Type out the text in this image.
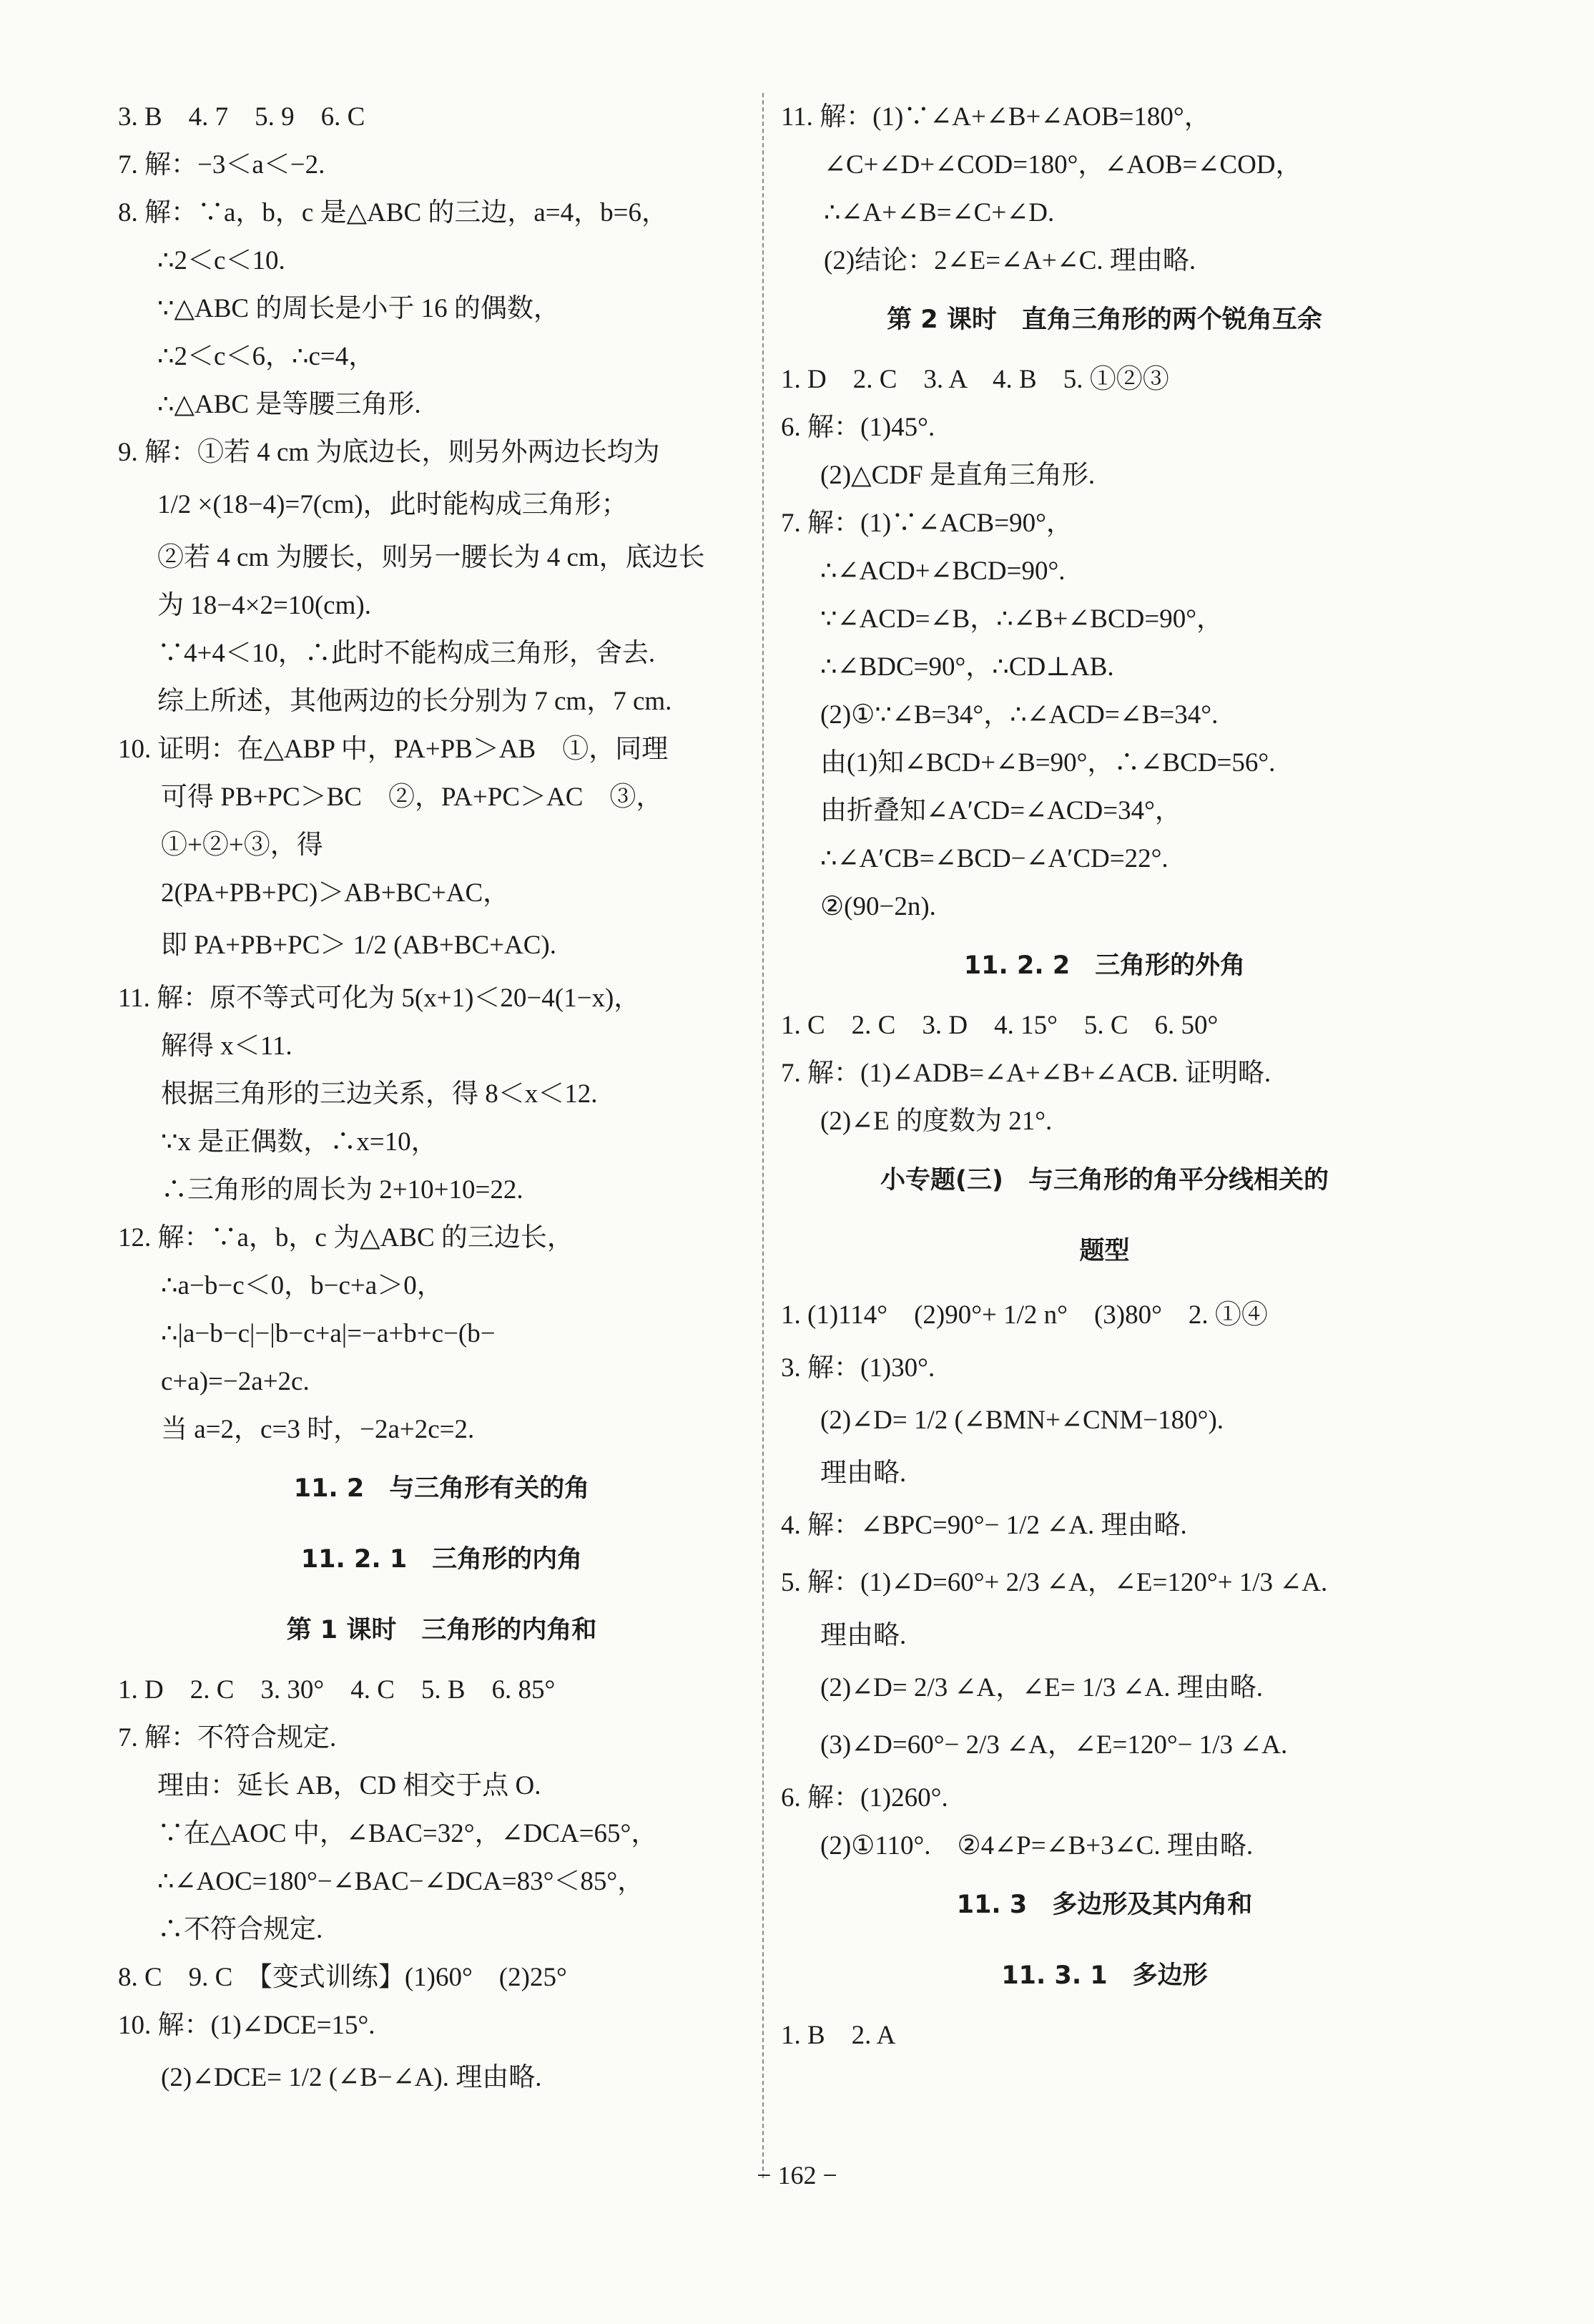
3. B　4. 7　5. 9　6. C
7. 解：−3＜a＜−2.
8. 解：∵a，b，c 是△ABC 的三边，a=4，b=6，
∴2＜c＜10.
∵△ABC 的周长是小于 16 的偶数，
∴2＜c＜6，∴c=4，
∴△ABC 是等腰三角形.
9. 解：①若 4 cm 为底边长，则另外两边长均为
1/2 ×(18−4)=7(cm)，此时能构成三角形；
②若 4 cm 为腰长，则另一腰长为 4 cm，底边长
为 18−4×2=10(cm).
∵4+4＜10，∴此时不能构成三角形，舍去.
综上所述，其他两边的长分别为 7 cm，7 cm.
10. 证明：在△ABP 中，PA+PB＞AB　①，同理
可得 PB+PC＞BC　②，PA+PC＞AC　③，
①+②+③，得
2(PA+PB+PC)＞AB+BC+AC，
即 PA+PB+PC＞ 1/2 (AB+BC+AC).
11. 解：原不等式可化为 5(x+1)＜20−4(1−x)，
解得 x＜11.
根据三角形的三边关系，得 8＜x＜12.
∵x 是正偶数，∴x=10，
∴三角形的周长为 2+10+10=22.
12. 解：∵a，b，c 为△ABC 的三边长，
∴a−b−c＜0，b−c+a＞0，
∴|a−b−c|−|b−c+a|=−a+b+c−(b−
c+a)=−2a+2c.
当 a=2，c=3 时，−2a+2c=2.
11. 2　与三角形有关的角
11. 2. 1　三角形的内角
第 1 课时　三角形的内角和
1. D　2. C　3. 30°　4. C　5. B　6. 85°
7. 解：不符合规定.
理由：延长 AB，CD 相交于点 O.
∵在△AOC 中，∠BAC=32°，∠DCA=65°，
∴∠AOC=180°−∠BAC−∠DCA=83°＜85°，
∴不符合规定.
8. C　9. C　【变式训练】(1)60°　(2)25°
10. 解：(1)∠DCE=15°.
(2)∠DCE= 1/2 (∠B−∠A). 理由略.
11. 解：(1)∵∠A+∠B+∠AOB=180°，
∠C+∠D+∠COD=180°，∠AOB=∠COD，
∴∠A+∠B=∠C+∠D.
(2)结论：2∠E=∠A+∠C. 理由略.
第 2 课时　直角三角形的两个锐角互余
1. D　2. C　3. A　4. B　5. ①②③
6. 解：(1)45°.
(2)△CDF 是直角三角形.
7. 解：(1)∵∠ACB=90°，
∴∠ACD+∠BCD=90°.
∵∠ACD=∠B，∴∠B+∠BCD=90°，
∴∠BDC=90°，∴CD⊥AB.
(2)①∵∠B=34°，∴∠ACD=∠B=34°.
由(1)知∠BCD+∠B=90°，∴∠BCD=56°.
由折叠知∠A′CD=∠ACD=34°，
∴∠A′CB=∠BCD−∠A′CD=22°.
②(90−2n).
11. 2. 2　三角形的外角
1. C　2. C　3. D　4. 15°　5. C　6. 50°
7. 解：(1)∠ADB=∠A+∠B+∠ACB. 证明略.
(2)∠E 的度数为 21°.
小专题(三)　与三角形的角平分线相关的
题型
1. (1)114°　(2)90°+ 1/2 n°　(3)80°　2. ①④
3. 解：(1)30°.
(2)∠D= 1/2 (∠BMN+∠CNM−180°).
理由略.
4. 解：∠BPC=90°− 1/2 ∠A. 理由略.
5. 解：(1)∠D=60°+ 2/3 ∠A，∠E=120°+ 1/3 ∠A.
理由略.
(2)∠D= 2/3 ∠A，∠E= 1/3 ∠A. 理由略.
(3)∠D=60°− 2/3 ∠A，∠E=120°− 1/3 ∠A.
6. 解：(1)260°.
(2)①110°.　②4∠P=∠B+3∠C. 理由略.
11. 3　多边形及其内角和
11. 3. 1　多边形
1. B　2. A
− 162 −
